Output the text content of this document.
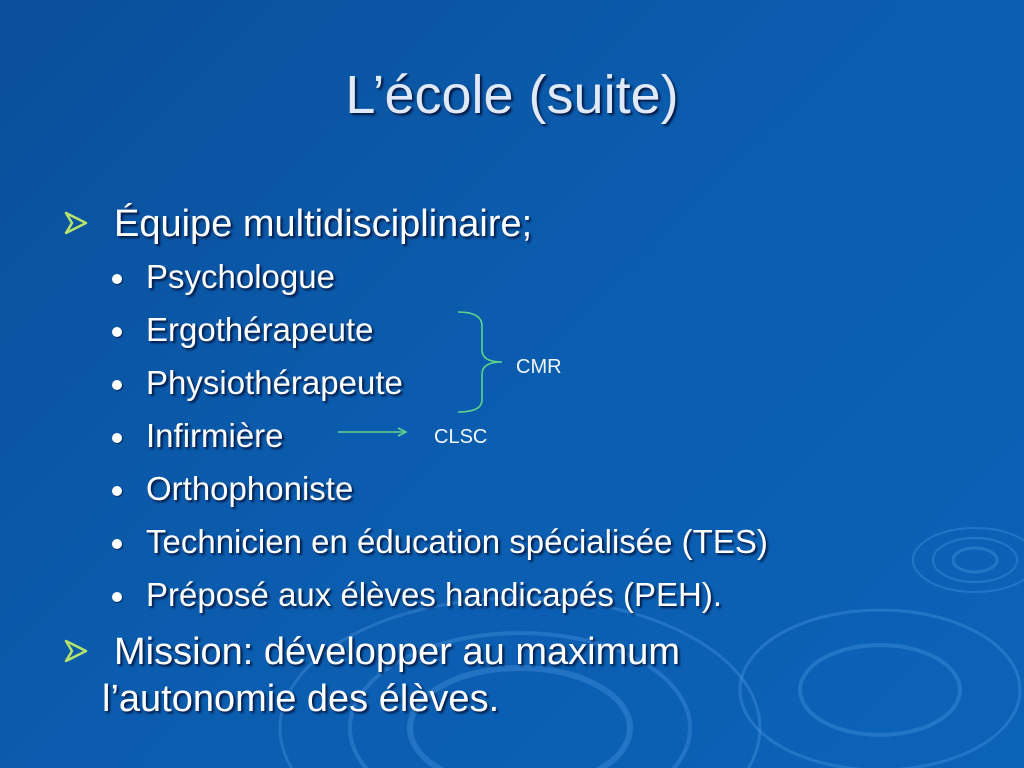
L’école (suite)
Équipe multidisciplinaire;
Psychologue
Ergothérapeute
Physiothérapeute
Infirmière
Orthophoniste
Technicien en éducation spécialisée (TES)
Préposé aux élèves handicapés (PEH).
Mission: développer au maximum
l’autonomie des élèves.
CMR
CLSC
